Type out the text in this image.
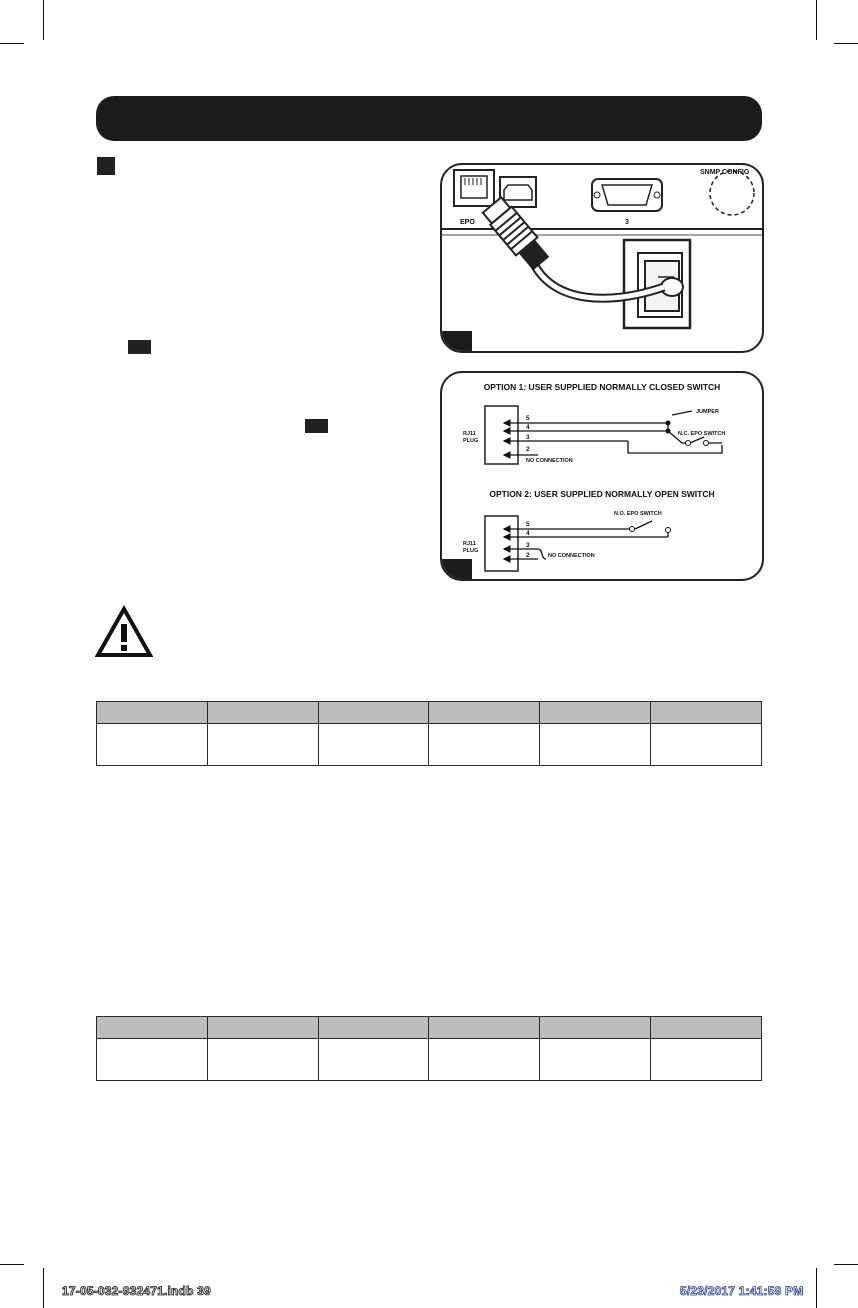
EPO	3
SNMP CONFIG
OPTION 1: USER SUPPLIED NORMALLY CLOSED SWITCH
RJ11
PLUG
5
4
3
2
JUMPER
N.C. EPO SWITCH
NO CONNECTION
OPTION 2: USER SUPPLIED NORMALLY OPEN SWITCH
RJ11
PLUG
5
4
3
2
N.O. EPO SWITCH
NO CONNECTION

17-05-032-932471.indb 39	5/23/2017 1:41:59 PM
